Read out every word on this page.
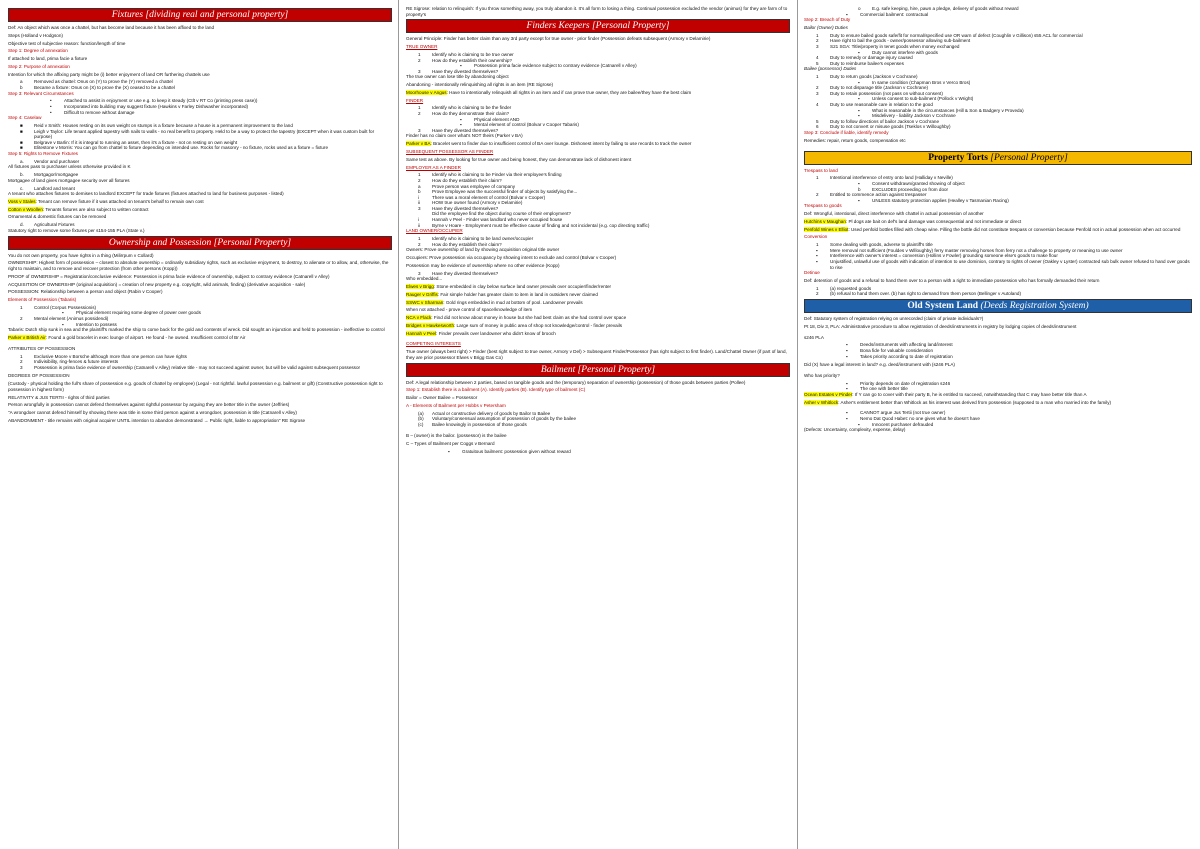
Fixtures [dividing real and personal property]

Def: An object which was once a chattel, but has become land because it has been affixed to the land

Steps (Holland v Hodgson)

Objective test of subjective reason: function/length of time

Step 1: Degree of annexation

If attached to land, prima facie a fixture

Step 2: Purpose of annexation

Intention for which the affixing party might be (i) better enjoyment of land OR furthering chattels use

a	Removed as chattel: Onus on (Y) to prove the (Y) removed a chattel
b	Became a fixture: Onus on (X) to prove the (X) ceased to be a chattel

Step 3: Relevant Circumstances

•	Attached to assist in enjoyment or use e.g. to keep it steady (Ctlt v RT Co (printing press case))
•	Incorporated into building may suggest fixture (Hawkins v Farley Dishwasher incorporated)
•	Difficult to remove without damage

Step 4: Caselaw

■	Reid v Smith: Houses resting on its own weight on stumps is a fixture because a house is a permanent improvement to the land
■	Leigh v Taylor: Life tenant applied tapestry with nails to walls - no real benefit to property. Held to be a way to protect the tapestry (EXCEPT when it was custom built for purpose)
■	Belgrave v Barlin: If it is integral to running an asset, then it's a fixture - not on resting on own weight
■	Elitestone v Morris: You can go from chattel to fixture depending on intended use. Rocks for masonry - no fixture, rocks used as a fixture = fixture

Step 5: Rights to Remove Fixtures

a.	Vendor and purchaser

All fixtures pass to purchaser unless otherwise provided in K

b.	Mortgagor/mortgagee

Mortgagee of land gives mortgagee security over all fixtures

c.	Landlord and tenant

A tenant who attaches fixtures to demises to landlord EXCEPT for trade fixtures (fixtures attached to land for business purposes - listed)

Voss v Stales: Tenant can remove fixture if it was attached on tenant's behalf to remain own cost

Cotton v Woollen: Tenants fixtures are also subject to written contract

Ornamental & domestic fixtures can be removed

d.	Agricultural Fixtures

Statutory right to remove some fixtures per s154-155 PLA (State v.)

Ownership and Possession [Personal Property]

You do not own property, you have rights in a thing (Milirrpum v Collard)

OWNERSHIP: Highest form of possession – closest to absolute ownership = ordinarily subsidiary rights, such as exclusive enjoyment, to destroy, to alienate or to allow, and, otherwise, the right to maintain, and to remove and recover protection (from other persons (Kopp))

PROOF of OWNERSHIP = Registration/conclusive evidence: Possession is prima facie evidence of ownership, subject to contrary evidence (Catnarell v Alley)

ACQUISITION OF OWNERSHIP (original acquisition) = creation of new property e.g. copyright, wild animals, finding) (derivative acquisition - sale)

POSSESSION: Relationship between a person and object (Rabin v Cooper)

Elements of Possession (Tabaris)

1	Control (Corpus Possessionis)
▪	Physical element requiring some degree of power over goods
2	Mental element (Animus possidendi)
▪	Intention to possess

Tabaris: Dutch ship sunk in sea and the plaintiff's marked the ship to come back for the gold and contents of wreck. Did sought an injunction and held to possession - ineffective to control

Parker v British Air: Found a gold bracelet in exec lounge of airport. He found - he owned. Insufficient control of Br Air

ATTRIBUTES OF POSSESSION

1	Exclusive Moore v Borsche although more than one person can have rights
2	Indivisibility, ring-fences & future interests
3	Possession is prima facie evidence of ownership (Catnarell v Alley) relative title - may not succeed against owner, but will be valid against subsequent possessor

DEGREES OF POSSESSION

(Custody - physical holding the full's share of possession e.g. goods of chattel by employee) (Legal - not rightful. lawful possession e.g. bailment or gift) (Constructive possession right to possession in highest form)

RELATIVITY & JUS TERTII - rights of third parties

Person wrongfully in possession cannot defend themselves against rightful possessor by arguing they are better title in the owner (Jeffries)

"A wrongdoer cannot defend himself by showing there was title in some third person against a wrongdoer, possession is title (Catnarell v Alley)

ABANDONMENT - title remains with original acquirer UNTIL intention to abandon demonstrated → Public right, liable to appropriation" RE Sigrose

RE Sigrose: relation to relinquish: If you throw something away, you truly abandon it. It's all form to losing a thing. Continual possession excluded the vendor (animus) for they are farm of to property's

Finders Keepers [Personal Property]

General Principle: Finder has better claim than any 3rd party except for true owner - prior finder (Possession defeats subsequent (Armory v Delamirie)

TRUE OWNER

1	Identify who is claiming to be true owner
2	How do they establish their ownership?
▪	Possession prima facie evidence subject to contrary evidence (Catnarell v Alley)
3	Have they divested themselves?

The true owner can lose title by abandoning object

Abandoning - intentionally relinquishing all rights in an item (RE Sigrose)

Moorhouse v Angus: Have to intentionally relinquish all rights in an item and if can prove true owner, they are bailee/they have the best claim

FINDER

1	Identify who is claiming to be the finder
2	How do they demonstrate their claim?
▪	Physical element AND
▪	Mental element of control (Bolvar v Cooper Tabaris)
3	Have they divested themselves?

Finder has no claim over what's NOT theirs (Parker v BA)

Parker v BA: Bracelet went to finder due to insufficient control of BA over lounge. Dishonest intent by failing to use records to track the owner

SUBSEQUENT POSSESSOR AS FINDER

Same test as above. By looking for true owner and being honest, they can demonstrate lack of dishonest intent

EMPLOYER AS A FINDER

1	Identify who is claiming to be Finder via their employee's finding
2	How do they establish their claim?
a	Prove person was employee of company
b	Prove Employee was the successful finder of objects by satisfying the...
i	There was a moral element of control (Bolvar v Cooper)
ii	HOW true owner found (Armory v Delamirie)
3	Have they divested themselves?
Did the employee find the object during course of their employment?
i	Hannah v Peel - Finder was landlord who never occupied house
ii	Byrne v Hoare - Employment must be effective cause of finding and not incidental (e.g. cop directing traffic)

LAND OWNER/OCCUPIER

1	Identify who is claiming to be land owner/occupier
2	How do they establish their claim?

Owners: Prove ownership of land by showing acquisition original title owner

Occupiers: Prove possession via occupancy by showing intent to exclude and control (Bolvar v Cooper)

Possession may be evidence of ownership where no other evidence (Kopp)

3	Have they divested themselves?

Who embedded...

Elwes v Brigg: Stone embedded in clay below surface land owner prevails over occupier/finder/renter

Rauger v Griffis: Fair simple holder has greater claim to item in land in outsiders never claimed

SSWC v Sharman: Gold rings embedded in mud at bottom of pool. Landowner prevails

When not attached - prove control of space/knowledge of item

NCA v Flack: Find did not know about money in house but she had best claim as she had control over space

Bridges v Hawkesworth: Large sum of money in public area of shop not knowledge/control - finder prevails

Hannah v Peel: Finder prevails over landowner who didn't know of brooch

COMPETING INTERESTS

True owner (always best right) > Finder (best right subject to true owner, Armory v Del) > Subsequent Finder/Possessor (has right subject to first finder). Land/Chattel Owner (if part of land, they are prior possessor Elwes v Brigg Gas Co)

Bailment [Personal Property]

Def: A legal relationship between 2 parties, based on tangible goods and the (temporary) separation of ownership (possession) of those goods between parties (Pollee)

Step 1: Establish there is a bailment (A). Identify parties (B). Identify type of bailment (C)

Bailor = Owner Bailee = Possessor

A - Elements of Bailment per Hobbs v Petersham

(a)	Actual or constructive delivery of goods by Bailor to Bailee
(b)	Voluntary/consensual assumption of possession of goods by the bailee
(c)	Bailee knowingly in possession of those goods

B – (owner) is the bailor. (possessor) is the bailee

C – Types of Bailment per Coggs v Bernard

▪	Gratuitous bailment: possession given without reward
o	E.g. safe keeping, hire, pawn a pledge, delivery of goods without reward
▪	Commercial bailment: contractual

Step 2: Breach of Duty

Bailor (Owner) Duties

1	Duty to ensure bailed goods safe/fit for normal/specified use OR warn of defect (Coughlin v Gillison) s55 ACL for commercial
2	Have right to bail the goods - owner/possessor allowing sub-bailment
3	S21 SGA: Title/property in tenet goods when money exchanged
▪	Duty cannot interfere with goods
4	Duty to remedy or damage injury caused
5	Duty to reimburse bailee's expenses

Bailee (possessor) Duties

1	Duty to return goods (Jackson v Cochrane)
▪	In same condition (Chapman Bros v Verco Bros)
2	Duty to not disparage title (Jackson v Cochrane)
3	Duty to retain possession (not pass on without consent)
▪	Unless consent to sub-bailment (Pollock v Wright)
4	Duty to use reasonable care in relation to the good
▪	What is reasonable in the circumstances (Hill & Son & Badgery v Proveda)
▪	Misdelivery - liability Jackson v Cochrane
5	Duty to follow directions of bailor Jackson v Cochrane
6	Duty to not convert or misuse goods (Tseklos v Willoughby)

Step 3: Conclude if liable, identify remedy

Remedies: repair, return goods, compensation etc

Property Torts [Personal Property]

Trespass to land

1	Intentional interference of entry onto land (Halliday v Neville)
▪	Consent withdrawn/granted showing of object
b	EXCLUDES proceeding on from door
2	Entitled to commence action against trespasser
▪	UNLESS statutory protection applies (Healley v Tasmanian Racing)

Trespass to goods

Def: Wrongful, intentional, direct interference with chattel in actual possession of another

Hutchins v Maughan: Pl dogs ate bait on def's land damage was consequential and not immediate or direct

Penfold Wines v Elliot: Used penfold bottles filled with cheap wine. Filling the bottle did not constitute trespass or conversion because Penfold not in actual possession when act occurred

Conversion

1	Some dealing with goods, adverse to plaintiff's title
▪	Mere removal not sufficient (Fouldes v Willoughby) ferry master removing horses from ferry not a challenge to property or meaning to use owner
▪	Interference with owner's interest = conversion (Hollins v Fowler) grounding someone else's goods to make flour
▪	Unjustified, unlawful use of goods with indication of intention to use dominion, contrary to rights of owner (Oakley v Lyster) contracted sub bulk owner refused to hand over goods to rise

Detinue

Def: detention of goods and a refusal to hand them over to a person with a right to immediate possession who has formally demanded their return

1	(a) requested goods
2	(b) refusal to hand them over. (b) has right to demand from them person (Bellinger v Autoland)
Old System Land (Deeds Registration System)

Def: Statutory system of registration relying on unrecorded (claim of private individuals?)

Pt 18, Div 3, PLA: Administrative procedure to allow registration of deeds/instruments in registry by lodging copies of deeds/instrument

s246 PLA

▪	Deeds/instruments with affecting land/interest
▪	Bona fide for valuable consideration
▪	Takes priority according to date of registration

Did (X) have a legal interest in land? e.g. deed/instrument with (s246 PLA)

Who has priority?

▪	Priority depends on date of registration s246
▪	The one with better title

Ocean Estates v Pinder: If Y can go to cover with their party B, he is entitled to succeed, notwithstanding that C may have better title than A

Asher v Whitlock: Asher's entitlement better than Whitlock as his interest was derived from possession (supposed to a man who married into the family)

▪	CANNOT argue Jus Tertii (not true owner)
▪	Nemo Dat Quod Habet: no one gives what he doesn't have
▪	Innocent purchaser defrauded

(Defects: Uncertainty, complexity, expense, delay)
